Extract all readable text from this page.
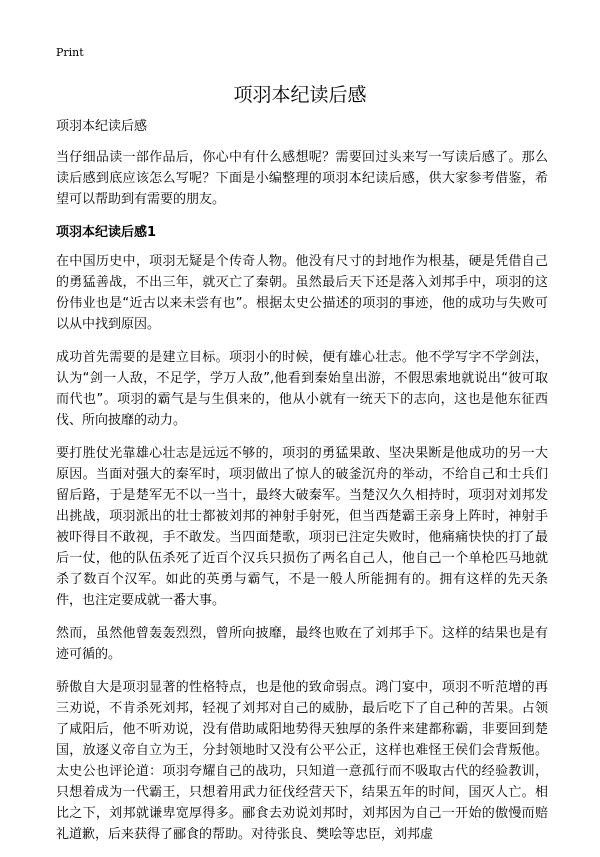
Print
项羽本纪读后感

项羽本纪读后感

当仔细品读一部作品后，你心中有什么感想呢？需要回过头来写一写读后感了。那么读后感到底应该怎么写呢？下面是小编整理的项羽本纪读后感，供大家参考借鉴，希望可以帮助到有需要的朋友。

项羽本纪读后感1

在中国历史中，项羽无疑是个传奇人物。他没有尺寸的封地作为根基，硬是凭借自己的勇猛善战，不出三年，就灭亡了秦朝。虽然最后天下还是落入刘邦手中，项羽的这份伟业也是“近古以来未尝有也”。根据太史公描述的项羽的事迹，他的成功与失败可以从中找到原因。

成功首先需要的是建立目标。项羽小的时候，便有雄心壮志。他不学写字不学剑法，认为“剑一人敌，不足学，学万人敌”,他看到秦始皇出游，不假思索地就说出“彼可取而代也”。项羽的霸气是与生俱来的，他从小就有一统天下的志向，这也是他东征西伐、所向披靡的动力。

要打胜仗光靠雄心壮志是远远不够的，项羽的勇猛果敢、坚决果断是他成功的另一大原因。当面对强大的秦军时，项羽做出了惊人的破釜沉舟的举动，不给自己和士兵们留后路，于是楚军无不以一当十，最终大破秦军。当楚汉久久相持时，项羽对刘邦发出挑战，项羽派出的壮士都被刘邦的神射手射死，但当西楚霸王亲身上阵时，神射手被吓得目不敢视，手不敢发。当四面楚歌，项羽已注定失败时，他痛痛快快的打了最后一仗，他的队伍杀死了近百个汉兵只损伤了两名自己人，他自己一个单枪匹马地就杀了数百个汉军。如此的英勇与霸气，不是一般人所能拥有的。拥有这样的先天条件，也注定要成就一番大事。

然而，虽然他曾轰轰烈烈，曾所向披靡，最终也败在了刘邦手下。这样的结果也是有迹可循的。

骄傲自大是项羽显著的性格特点，也是他的致命弱点。鸿门宴中，项羽不听范增的再三劝说，不肯杀死刘邦，轻视了刘邦对自己的威胁，最后吃下了自己种的苦果。占领了咸阳后，他不听劝说，没有借助咸阳地势得天独厚的条件来建都称霸，非要回到楚国，放逐义帝自立为王，分封领地时又没有公平公正，这样也难怪王侯们会背叛他。太史公也评论道：项羽夸耀自己的战功，只知道一意孤行而不吸取古代的经验教训，只想着成为一代霸王，只想着用武力征伐经营天下，结果五年的时间，国灭人亡。相比之下，刘邦就谦卑宽厚得多。郦食去劝说刘邦时，刘邦因为自己一开始的傲慢而赔礼道歉，后来获得了郦食的帮助。对待张良、樊哙等忠臣，刘邦虚
